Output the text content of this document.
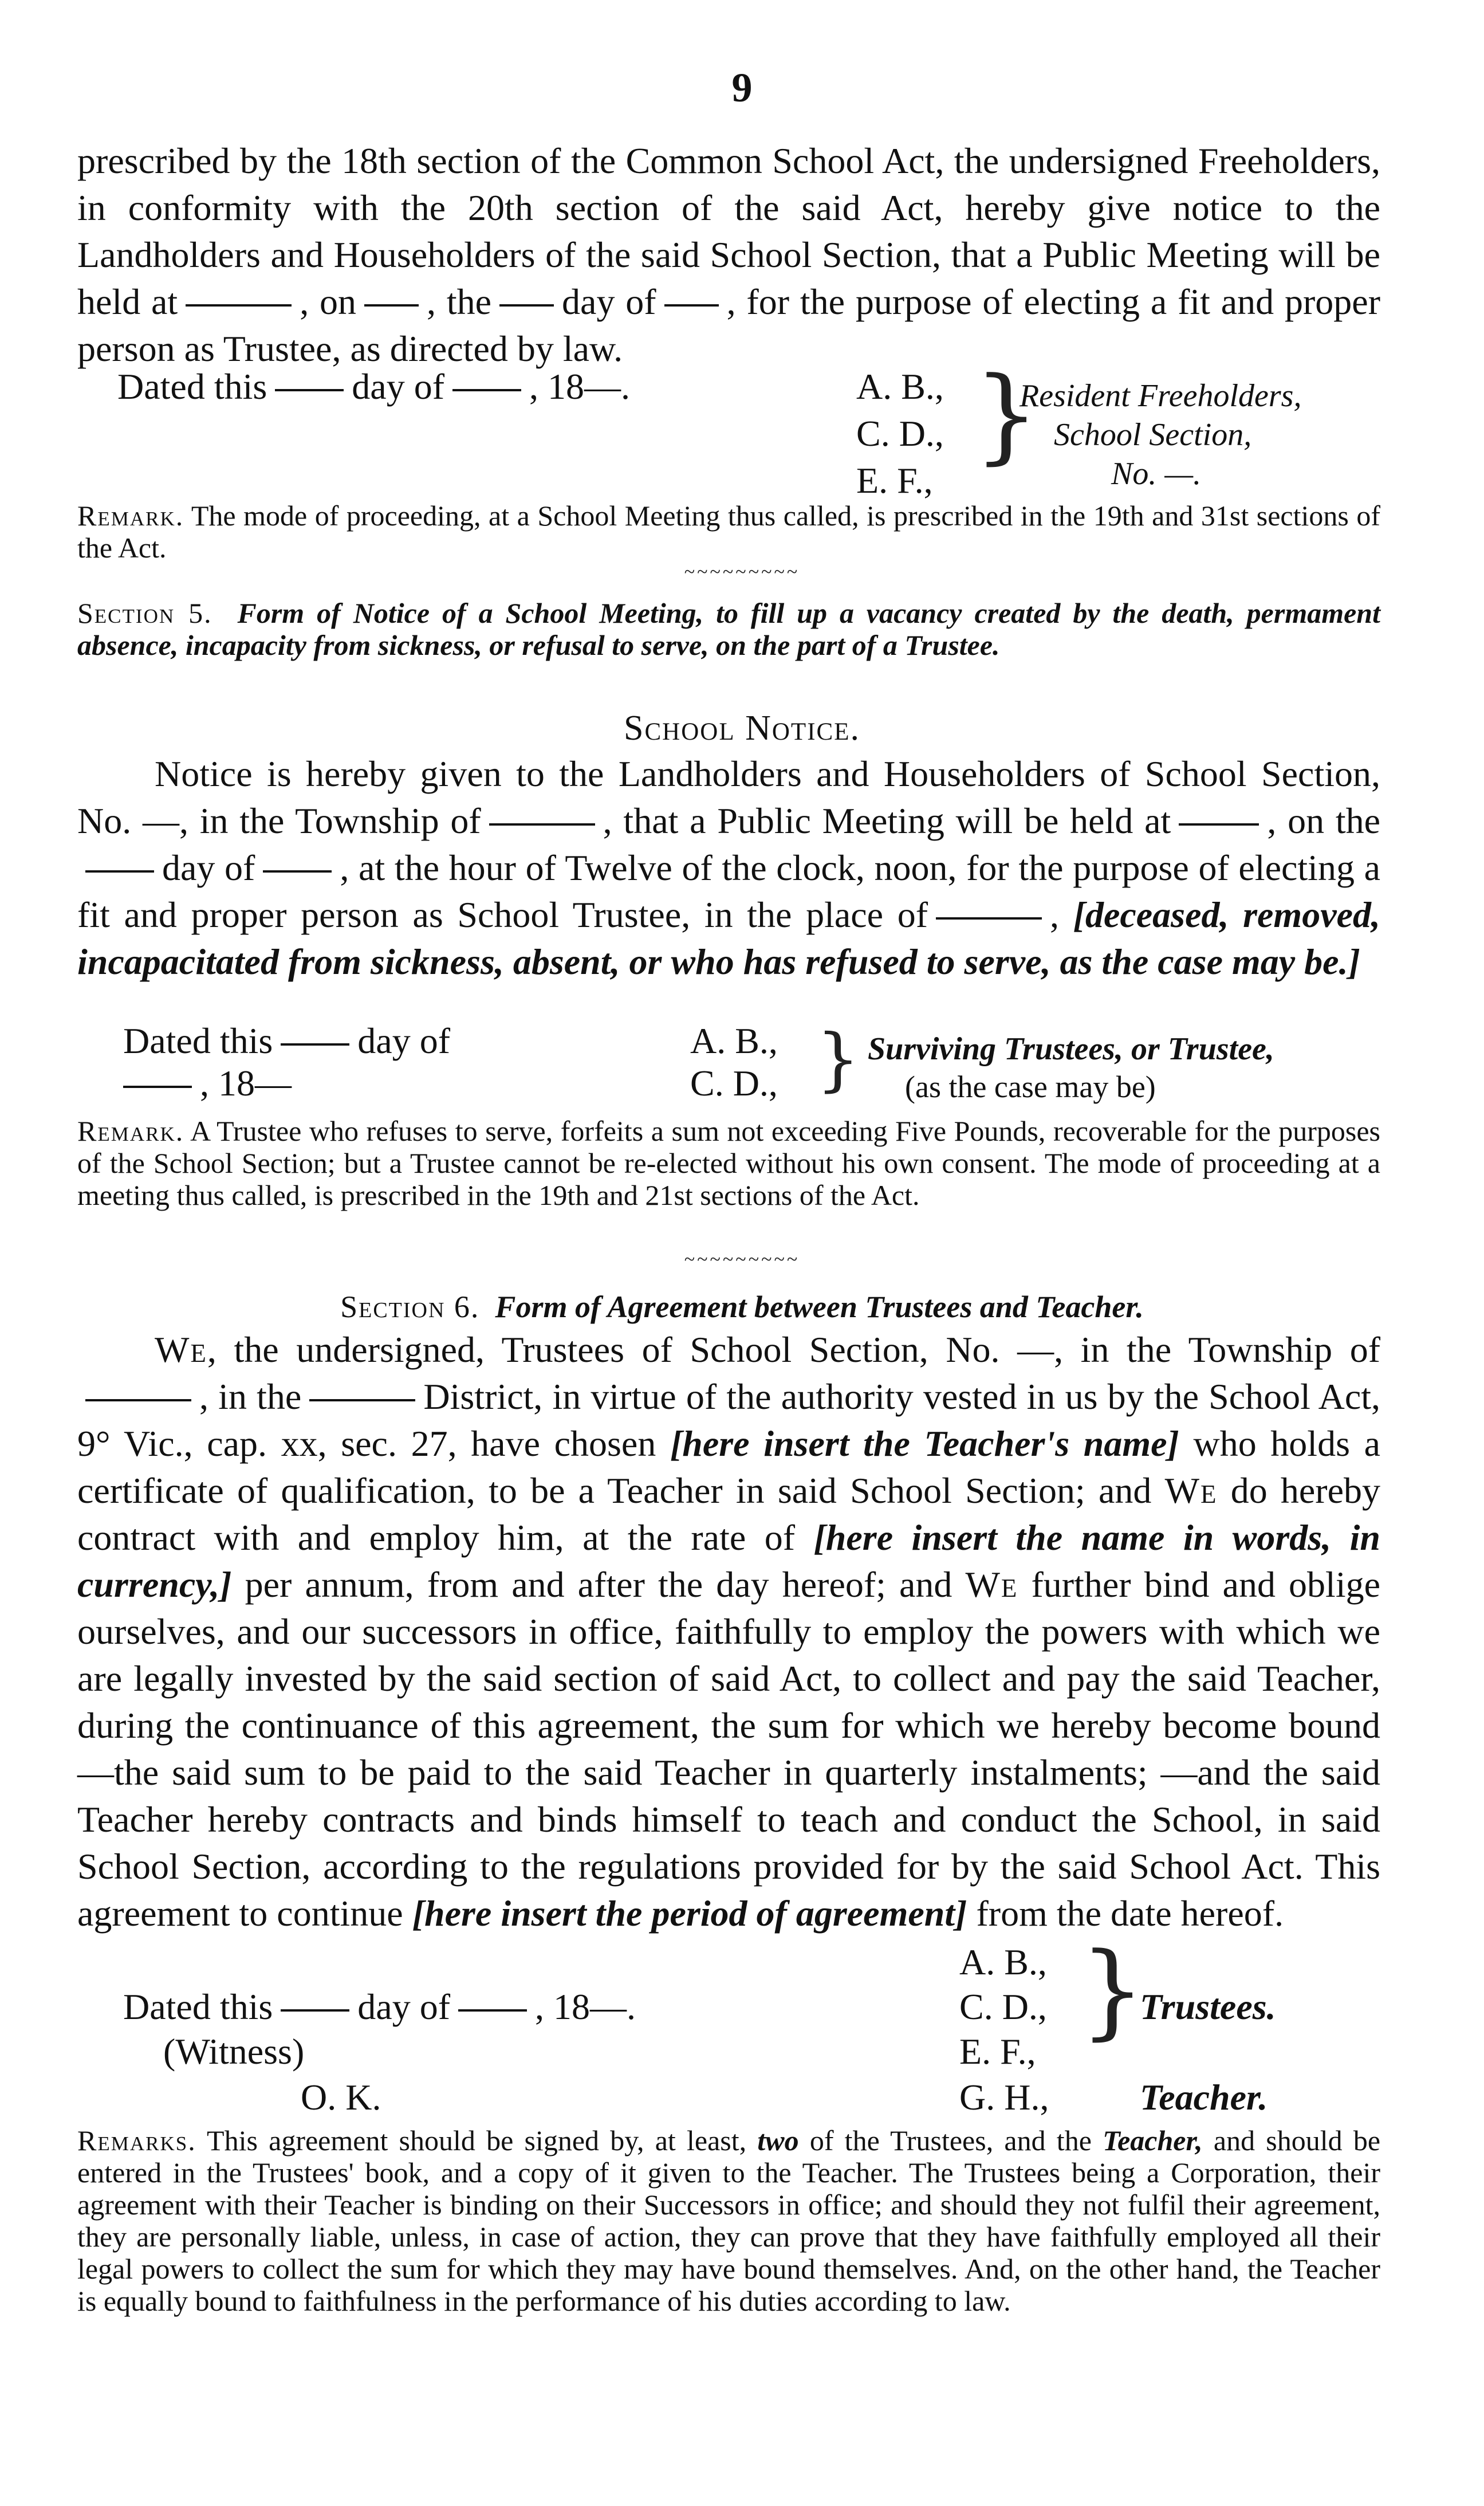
9
prescribed by the 18th section of the Common School Act, the undersigned Freeholders, in conformity with the 20th section of the said Act, hereby give notice to the Landholders and Householders of the said School Section, that a Public Meeting will be held at	, on , the day of , for the purpose of electing a fit and proper person as Trustee, as directed by law.
Dated this day of , 18—.	A. B.,
C. D.,
E. F.,
}
Resident Freeholders,
School Section,
No. —.
Remark. The mode of proceeding, at a School Meeting thus called, is prescribed in the 19th and 31st sections of the Act.
~~~~~~~~~
Section 5. Form of Notice of a School Meeting, to fill up a vacancy created by the death, permament absence, incapacity from sickness, or refusal to serve, on the part of a Trustee.
School Notice.
Notice is hereby given to the Landholders and Householders of School Section, No. —, in the Township of	, that a Public Meeting will be held at	, on theday of , at the hour of Twelve of the clock, noon, for the purpose of electing a fit and proper person as School Trustee, in the place of	, [deceased, removed, incapacitated from sickness, absent, or who has refused to serve, as the case may be.]
Dated this day of
, 18—
A. B.,
C. D., } Surviving Trustees, or Trustee,
(as the case may be)
Remark. A Trustee who refuses to serve, forfeits a sum not exceeding Five Pounds, recoverable for the purposes of the School Section; but a Trustee cannot be re-elected without his own consent. The mode of proceeding at a meeting thus called, is prescribed in the 19th and 21st sections of the Act.
~~~~~~~~~
Section 6. Form of Agreement between Trustees and Teacher.
We, the undersigned, Trustees of School Section, No. —, in the Township of, in the	District, in virtue of the authority vested in us by the School Act, 9° Vic., cap. xx, sec. 27, have chosen [here insert the Teacher's name] who holds a certificate of qualification, to be a Teacher in said School Section; and We do hereby contract with and employ him, at the rate of [here insert the name in words, in currency,] per annum, from and after the day hereof; and We further bind and oblige ourselves, and our successors in office, faithfully to employ the powers with which we are legally invested by the said section of said Act, to collect and pay the said Teacher, during the continuance of this agreement, the sum for which we hereby become bound—the said sum to be paid to the said Teacher in quarterly instalments; —and the said Teacher hereby contracts and binds himself to teach and conduct the School, in said School Section, according to the regulations provided for by the said School Act. This agreement to continue [here insert the period of agreement] from the date hereof.
Dated this day of , 18—.
(Witness)
O. K.
A. B.,
C. D.,
E. F.,
}
Trustees.
G. H., Teacher.
Remarks. This agreement should be signed by, at least, two of the Trustees, and the Teacher, and should be entered in the Trustees' book, and a copy of it given to the Teacher. The Trustees being a Corporation, their agreement with their Teacher is binding on their Successors in office; and should they not fulfil their agreement, they are personally liable, unless, in case of action, they can prove that they have faithfully employed all their legal powers to collect the sum for which they may have bound themselves. And, on the other hand, the Teacher is equally bound to faithfulness in the performance of his duties according to law.
